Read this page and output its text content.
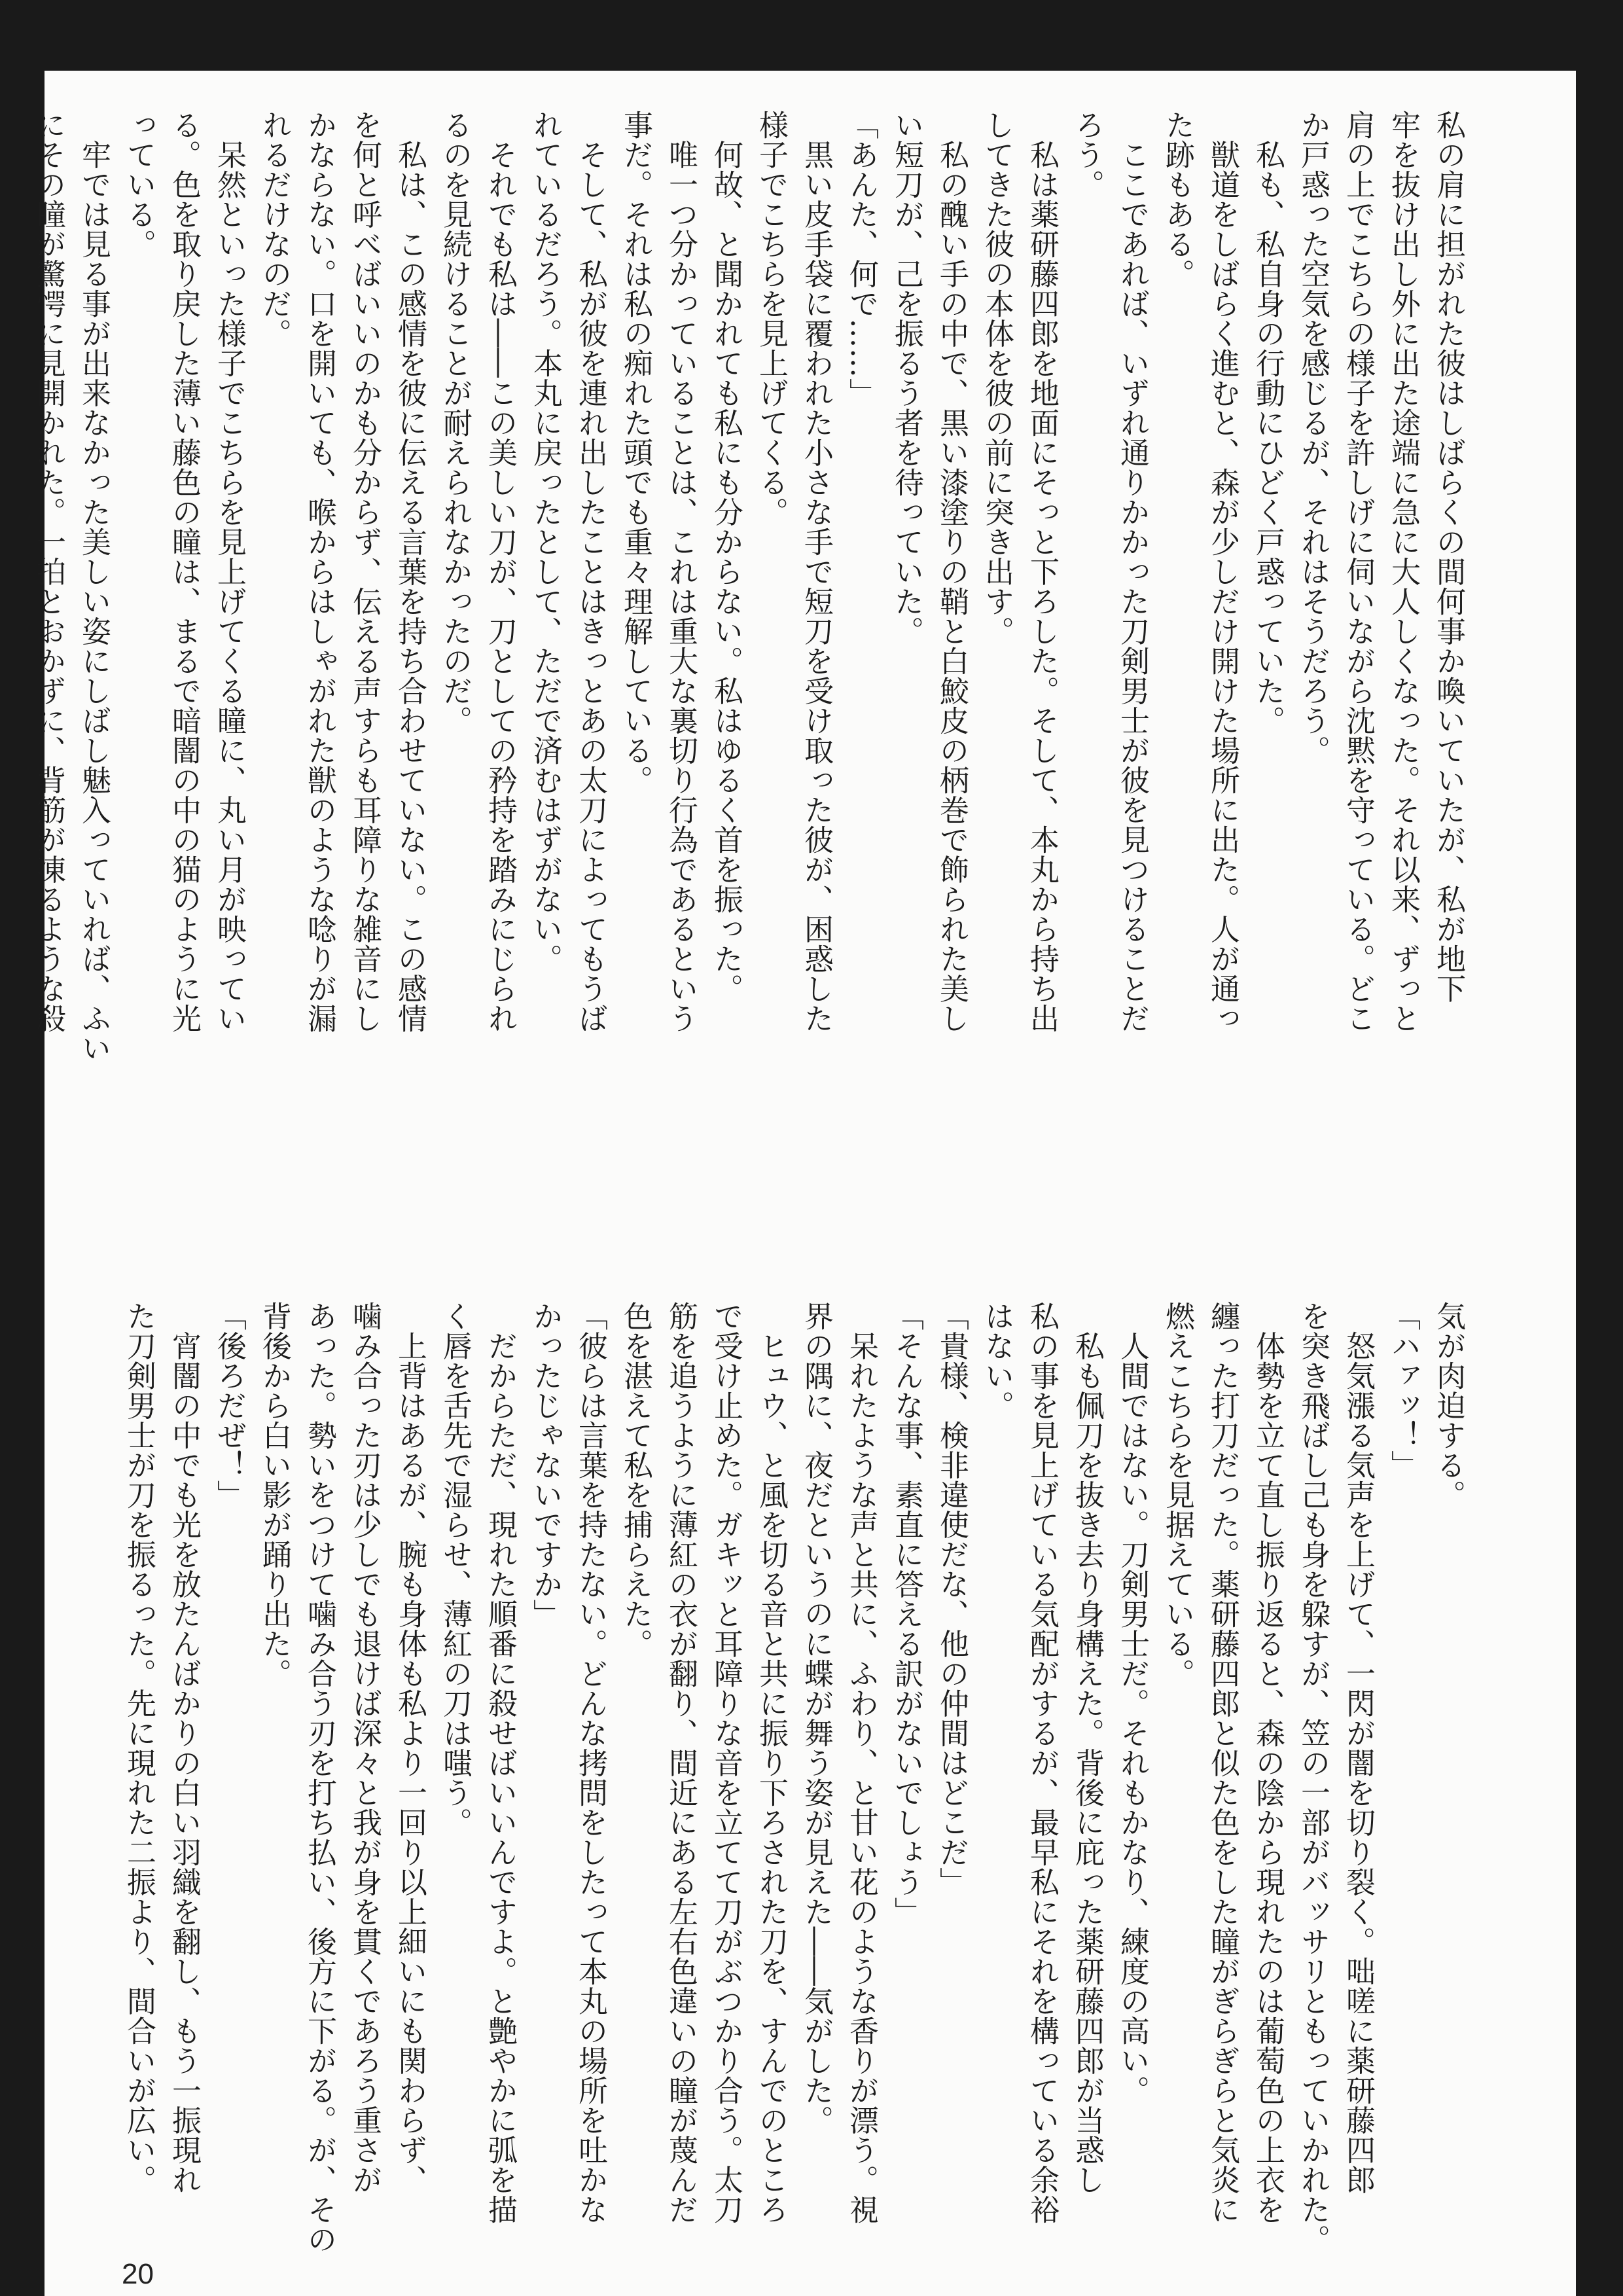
私の肩に担がれた彼はしばらくの間何事か喚いていたが、私が地下
牢を抜け出し外に出た途端に急に大人しくなった。それ以来、ずっと
肩の上でこちらの様子を許しげに伺いながら沈黙を守っている。どこ
か戸惑った空気を感じるが、それはそうだろう。
　私も、私自身の行動にひどく戸惑っていた。
　獣道をしばらく進むと、森が少しだけ開けた場所に出た。人が通っ
た跡もある。
　ここであれば、いずれ通りかかった刀剣男士が彼を見つけることだ
ろう。
　私は薬研藤四郎を地面にそっと下ろした。そして、本丸から持ち出
してきた彼の本体を彼の前に突き出す。
　私の醜い手の中で、黒い漆塗りの鞘と白鮫皮の柄巻で飾られた美し
い短刀が、己を振るう者を待っていた。
「あんた、何で……」
　黒い皮手袋に覆われた小さな手で短刀を受け取った彼が、困惑した
様子でこちらを見上げてくる。
　何故、と聞かれても私にも分からない。私はゆるく首を振った。
　唯一つ分かっていることは、これは重大な裏切り行為であるという
事だ。それは私の痴れた頭でも重々理解している。
　そして、私が彼を連れ出したことはきっとあの太刀によってもうば
れているだろう。本丸に戻ったとして、ただで済むはずがない。
　それでも私は――この美しい刀が、刀としての矜持を踏みにじられ
るのを見続けることが耐えられなかったのだ。
　私は、この感情を彼に伝える言葉を持ち合わせていない。この感情
を何と呼べばいいのかも分からず、伝える声すらも耳障りな雑音にし
かならない。口を開いても、喉からはしゃがれた獣のような唸りが漏
れるだけなのだ。
　呆然といった様子でこちらを見上げてくる瞳に、丸い月が映ってい
る。色を取り戻した薄い藤色の瞳は、まるで暗闇の中の猫のように光
っている。
　牢では見る事が出来なかった美しい姿にしばし魅入っていれば、ふい
にその瞳が驚愕に見開かれた。一拍とおかずに、背筋が凍るような殺
気が肉迫する。
「ハァッ！」
　怒気漲る気声を上げて、一閃が闇を切り裂く。咄嗟に薬研藤四郎
を突き飛ばし己も身を躱すが、笠の一部がバッサリともっていかれた。
　体勢を立て直し振り返ると、森の陰から現れたのは葡萄色の上衣を
纏った打刀だった。薬研藤四郎と似た色をした瞳がぎらぎらと気炎に
燃えこちらを見据えている。
　人間ではない。刀剣男士だ。それもかなり、練度の高い。
　私も佩刀を抜き去り身構えた。背後に庇った薬研藤四郎が当惑し
私の事を見上げている気配がするが、最早私にそれを構っている余裕
はない。
「貴様、検非違使だな、他の仲間はどこだ」
「そんな事、素直に答える訳がないでしょう」
　呆れたような声と共に、ふわり、と甘い花のような香りが漂う。視
界の隅に、夜だというのに蝶が舞う姿が見えた――気がした。
　ヒュウ、と風を切る音と共に振り下ろされた刀を、すんでのところ
で受け止めた。ガキッと耳障りな音を立てて刀がぶつかり合う。太刀
筋を追うように薄紅の衣が翻り、間近にある左右色違いの瞳が蔑んだ
色を湛えて私を捕らえた。
「彼らは言葉を持たない。どんな拷問をしたって本丸の場所を吐かな
かったじゃないですか」
　だからただ、現れた順番に殺せばいいんですよ。と艶やかに弧を描
く唇を舌先で湿らせ、薄紅の刀は嗤う。
　上背はあるが、腕も身体も私より一回り以上細いにも関わらず、
噛み合った刃は少しでも退けば深々と我が身を貫くであろう重さが
あった。勢いをつけて噛み合う刃を打ち払い、後方に下がる。が、その
背後から白い影が踊り出た。
「後ろだぜ！」
　宵闇の中でも光を放たんばかりの白い羽織を翻し、もう一振現れ
た刀剣男士が刀を振るった。先に現れた二振より、間合いが広い。
20
